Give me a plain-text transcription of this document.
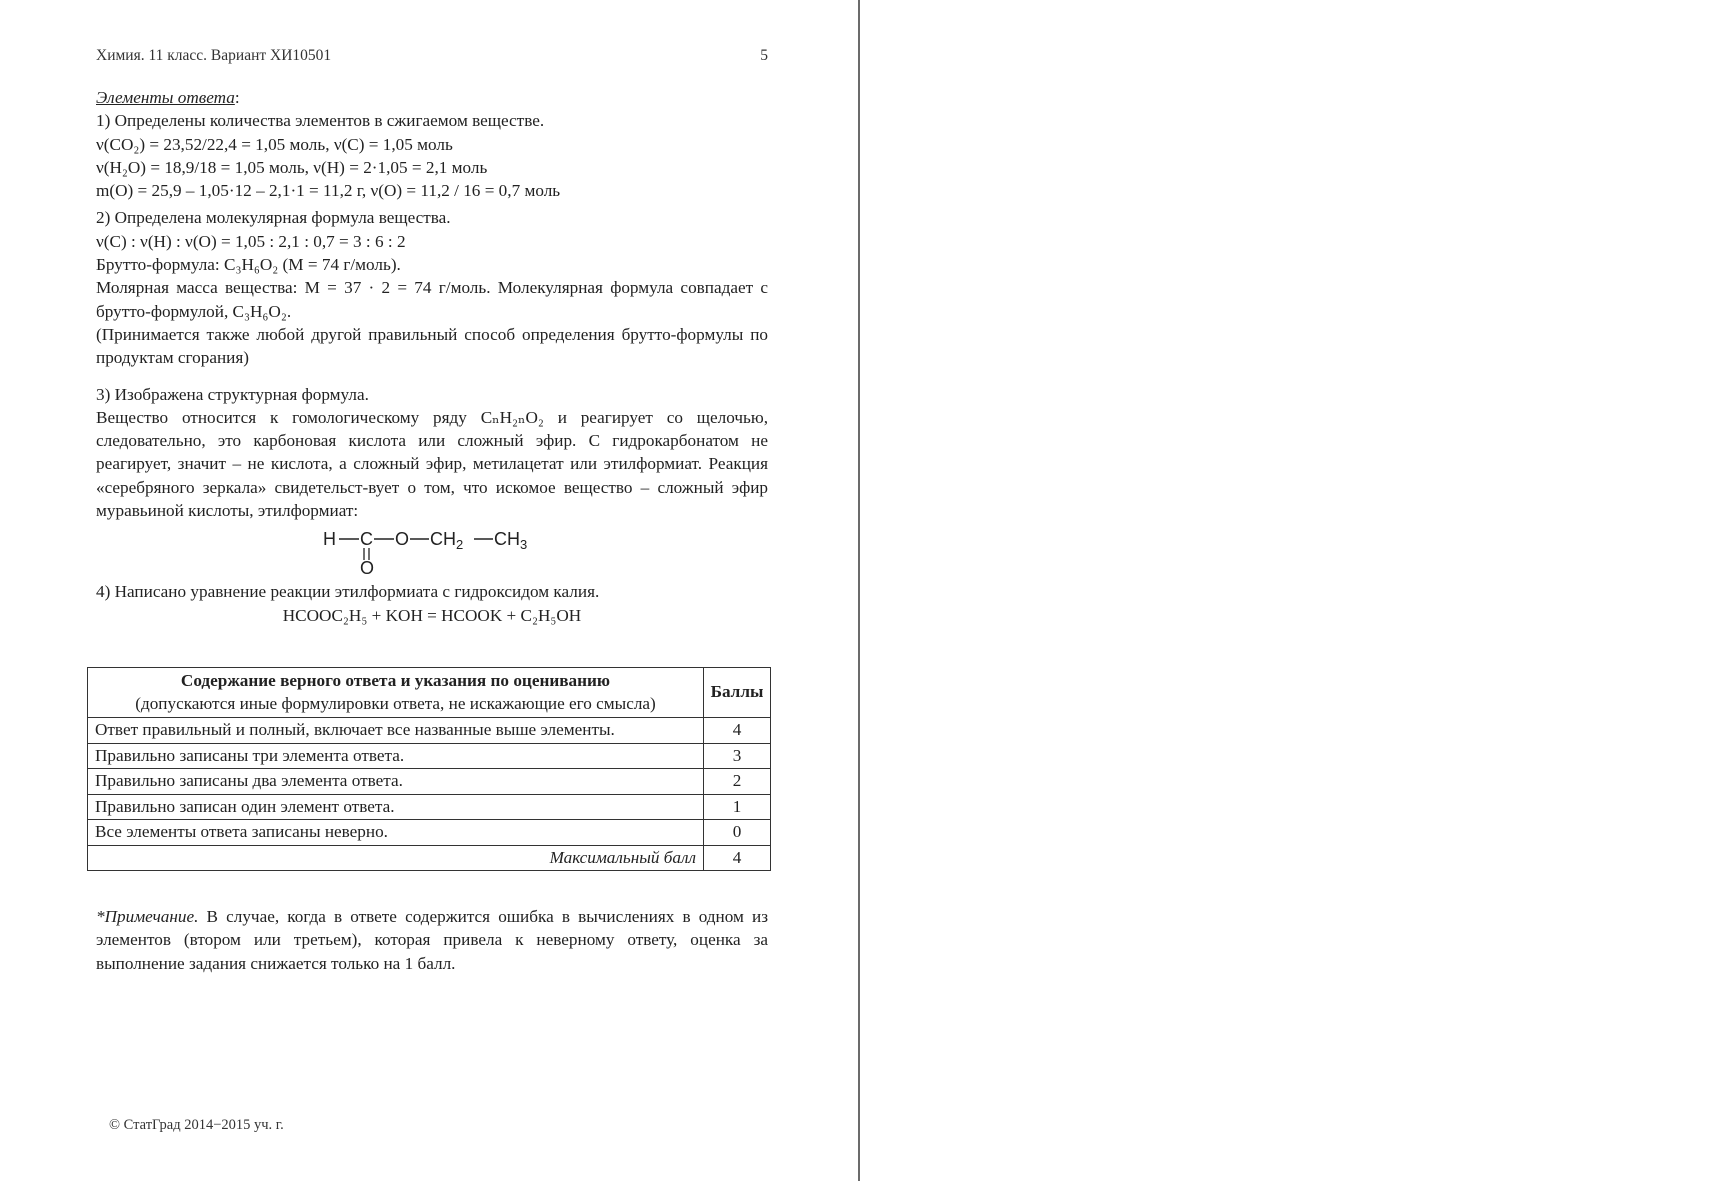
Химия. 11 класс. Вариант ХИ10501	5

Элементы ответа:

1) Определены количества элементов в сжигаемом веществе.

ν(CO₂) = 23,52/22,4 = 1,05 моль, ν(C) = 1,05 моль

ν(H₂O) = 18,9/18 = 1,05 моль, ν(H) = 2·1,05 = 2,1 моль

m(O) = 25,9 – 1,05·12 – 2,1·1 = 11,2 г, ν(O) = 11,2 / 16 = 0,7 моль

2) Определена молекулярная формула вещества.

ν(C) : ν(H) : ν(O) = 1,05 : 2,1 : 0,7 = 3 : 6 : 2

Брутто-формула: C₃H₆O₂ (M = 74 г/моль).

Молярная масса вещества: M = 37 · 2 = 74 г/моль. Молекулярная формула совпадает с брутто-формулой, C₃H₆O₂.

(Принимается также любой другой правильный способ определения брутто-формулы по продуктам сгорания)

3) Изображена структурная формула.

Вещество относится к гомологическому ряду CₙH₂ₙO₂ и реагирует со щелочью, следовательно, это карбоновая кислота или сложный эфир. С гидрокарбонатом не реагирует, значит – не кислота, а сложный эфир, метилацетат или этилформиат. Реакция «серебряного зеркала» свидетельст-вует о том, что искомое вещество – сложный эфир муравьиной кислоты, этилформиат:

H C O $CH_2$ $CH_3$
O

4) Написано уравнение реакции этилформиата с гидроксидом калия.

HCOOC₂H₅ + KOH = HCOOK + C₂H₅OH

Содержание верного ответа и указания по оцениванию
(допускаются иные формулировки ответа, не искажающие его смысла)	Баллы
Ответ правильный и полный, включает все названные выше элементы.	4
Правильно записаны три элемента ответа.	3
Правильно записаны два элемента ответа.	2
Правильно записан один элемент ответа.	1
Все элементы ответа записаны неверно.	0
Максимальный балл	4
*Примечание. В случае, когда в ответе содержится ошибка в вычислениях в одном из элементов (втором или третьем), которая привела к неверному ответу, оценка за выполнение задания снижается только на 1 балл.
© СтатГрад 2014−2015 уч. г.
